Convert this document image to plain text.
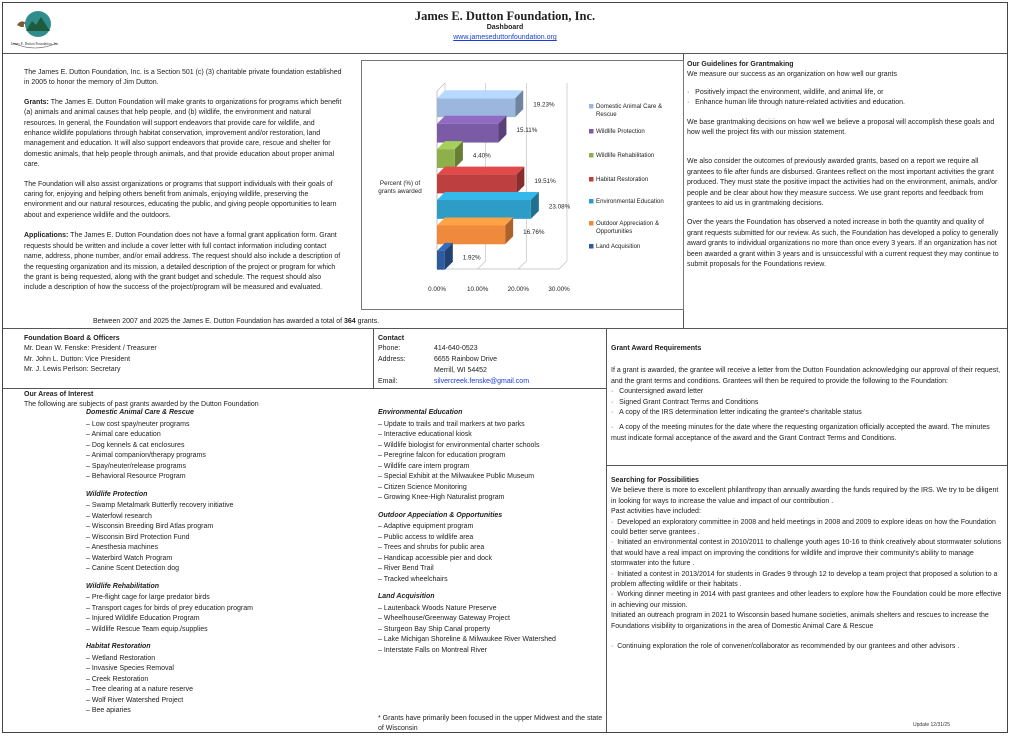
James E. Dutton Foundation, Inc.
James E. Dutton Foundation, Inc.
Dashboard
www.jameseduttonfoundation.org

The James E. Dutton Foundation, Inc. is a Section 501 (c) (3) charitable private foundation established in 2005 to honor the memory of Jim Dutton.

Grants: The James E. Dutton Foundation will make grants to organizations for programs which benefit (a) animals and animal causes that help people, and (b) wildlife, the environment and natural resources. In general, the Foundation will support endeavors that provide care for wildlife, and enhance wildlife populations through habitat conservation, improvement and/or restoration, land management and education. It will also support endeavors that provide care, rescue and shelter for domestic animals, that help people through animals, and that provide education about proper animal care.

The Foundation will also assist organizations or programs that support individuals with their goals of caring for, enjoying and helping others benefit from animals, enjoying wildlife, preserving the environment and our natural resources, educating the public, and giving people opportunities to learn about and experience wildlife and the outdoors.

Applications: The James E. Dutton Foundation does not have a formal grant application form. Grant requests should be written and include a cover letter with full contact information including contact name, address, phone number, and/or email address. The request should also include a description of the requesting organization and its mission, a detailed description of the project or program for which the grant is being requested, along with the grant budget and schedule. The request should also include a description of how the success of the project/program will be measured and evaluated.

Between 2007 and 2025 the James E. Dutton Foundation has awarded a total of 364 grants.
0.00%	10.00%	20.00%	30.00%
Percent (%) of
grants awarded
19.23%
15.11%
4.40%
19.51%
23.08%
16.76%
1.92%
Domestic Animal Care &
Rescue
Wildlife Protection
Wildlife Rehabilitation
Habitat Restoration
Environmental Education
Outdoor Appreciation &
Opportunities
Land Acquisition

Our Guidelines for Grantmaking

We measure our success as an organization on how well our grants

·   Positively impact the environment, wildlife, and animal life, or

·   Enhance human life through nature-related activities and education.

We base grantmaking decisions on how well we believe a proposal will accomplish these goals and how well the project fits with our mission statement.

We also consider the outcomes of previously awarded grants, based on a report we require all grantees to file after funds are disbursed. Grantees reflect on the most important activities the grant produced. They must state the positive impact the activities had on the environment, animals, and/or people and be clear about how they measure success. We use grant reports and feedback from grantees to aid us in grantmaking decisions.

Over the years the Foundation has observed a noted increase in both the quantity and quality of grant requests submitted for our review. As such, the Foundation has developed a policy to generally award grants to individual organizations no more than once every 3 years. If an organization has not been awarded a grant within 3 years and is unsuccessful with a current request they may continue to submit proposals for the Foundations review.

Foundation Board & Officers

Mr. Dean W. Fenske: President / Treasurer

Mr. John L. Dutton: Vice President

Mr. J. Lewis Perlson: Secretary

Contact

Phone:	414-640-0523
Address:	6655 Rainbow Drive
Merrill, WI 54452
Email:	silvercreek.fenske@gmail.com

Our Areas of Interest

The following are subjects of past grants awarded by the Dutton Foundation

Domestic Animal Care & Rescue
– Low cost spay/neuter programs
– Animal care education
– Dog kennels & cat enclosures
– Animal companion/therapy programs
– Spay/neuter/release programs
– Behavioral Resource Program
Wildlife Protection
– Swamp Metalmark Butterfly recovery initiative
– Waterfowl research
– Wisconsin Breeding Bird Atlas program
– Wisconsin Bird Protection Fund
– Anesthesia machines
– Waterbird Watch Program
– Canine Scent Detection dog
Wildlife Rehabilitation
– Pre-flight cage for large predator birds
– Transport cages for birds of prey education program
– Injured Wildlife Education Program
– Wildlife Rescue Team equip./supplies
Habitat Restoration
– Wetland Restoration
– Invasive Species Removal
– Creek Restoration
– Tree clearing at a nature reserve
– Wolf River Watershed Project
– Bee apiaries
Environmental Education
– Update to trails and trail markers at two parks
– Interactive educational kiosk
– Wildlife biologist for environmental charter schools
– Peregrine falcon for education program
– Wildlife care intern program
– Special Exhibit at the Milwaukee Public Museum
– Citizen Science Monitoring
– Growing Knee-High Naturalist program
Outdoor Appeciation & Opportunities
– Adaptive equipment program
– Public access to wildlife area
– Trees and shrubs for public area
– Handicap accessible pier and dock
– River Bend Trail
– Tracked wheelchairs
Land Acquisition
– Lautenback Woods Nature Preserve
– Wheelhouse/Greenway Gateway Project
– Sturgeon Bay Ship Canal property
– Lake Michigan Shoreline & Milwaukee River Watershed
– Interstate Falls on Montreal River
* Grants have primarily been focused in the upper Midwest and the state of Wisconsin

Grant Award Requirements

If a grant is awarded, the grantee will receive a letter from the Dutton Foundation acknowledging our approval of their request, and the grant terms and conditions. Grantees will then be required to provide the following to the Foundation:

·   Countersigned award letter

·   Signed Grant Contract Terms and Conditions

·   A copy of the IRS determination letter indicating the grantee's charitable status

·   A copy of the meeting minutes for the date where the requesting organization officially accepted the award. The minutes must indicate formal acceptance of the award and the Grant Contract Terms and Conditions.

Searching for Possibilities

We believe there is more to excellent philanthropy than annually awarding the funds required by the IRS. We try to be diligent in looking for ways to increase the value and impact of our contribution .

Past activities have included:

·  Developed an exploratory committee in 2008 and held meetings in 2008 and 2009 to explore ideas on how the Foundation could better serve grantees .

·  Initiated an environmental contest in 2010/2011 to challenge youth ages 10-16 to think creatively about stormwater solutions that would have a real impact on improving the conditions for wildlife and improve their community's ability to manage stormwater into the future .

·  Initiated a contest in 2013/2014 for students in Grades 9 through 12 to develop a team project that proposed a solution to a problem affecting wildlife or their habitats .

·  Working dinner meeting in 2014 with past grantees and other leaders to explore how the Foundation could be more effective in achieving our mission.

Initiated an outreach program in 2021 to Wisconsin based humane societies, animals shelters and rescues to increase the Foundations visibility to organizations in the area of Domestic Animal Care & Rescue

·  Continuing exploration the role of convener/collaborator as recommended by our grantees and other advisors .

Update 12/31/25
